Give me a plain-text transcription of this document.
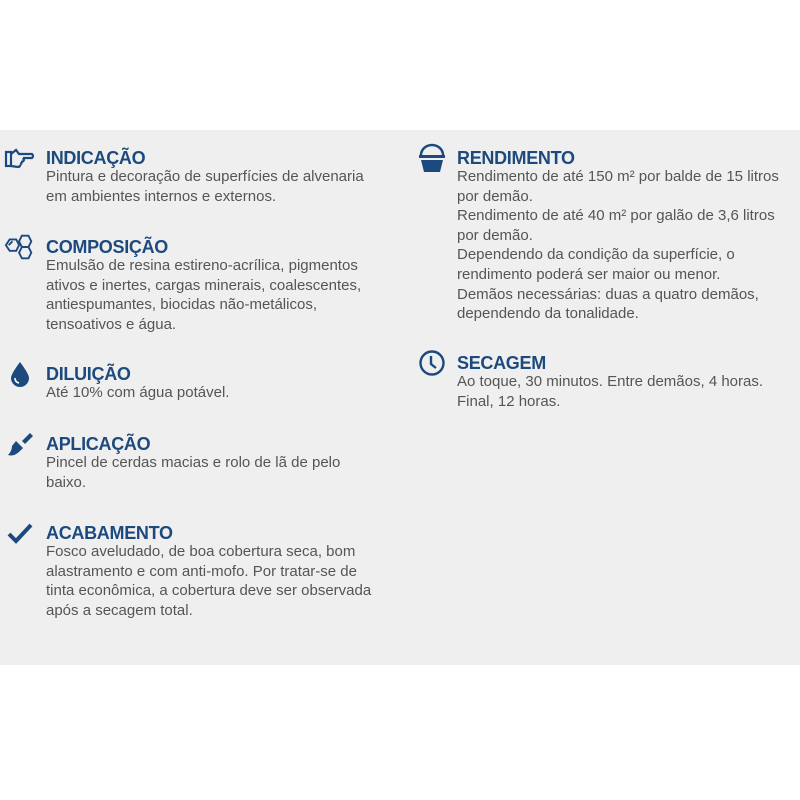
INDICAÇÃO
Pintura e decoração de superfícies de alvenaria
em ambientes internos e externos.
COMPOSIÇÃO
Emulsão de resina estireno-acrílica, pigmentos
ativos e inertes, cargas minerais, coalescentes,
antiespumantes, biocidas não-metálicos,
tensoativos e água.
DILUIÇÃO
Até 10% com água potável.
APLICAÇÃO
Pincel de cerdas macias e rolo de lã de pelo
baixo.
ACABAMENTO
Fosco aveludado, de boa cobertura seca, bom
alastramento e com anti-mofo. Por tratar-se de
tinta econômica, a cobertura deve ser observada
após a secagem total.
RENDIMENTO
Rendimento de até 150 m² por balde de 15 litros
por demão.
Rendimento de até 40 m² por galão de 3,6 litros
por demão.
Dependendo da condição da superfície, o
rendimento poderá ser maior ou menor.
Demãos necessárias: duas a quatro demãos,
dependendo da tonalidade.
SECAGEM
Ao toque, 30 minutos. Entre demãos, 4 horas.
Final, 12 horas.
